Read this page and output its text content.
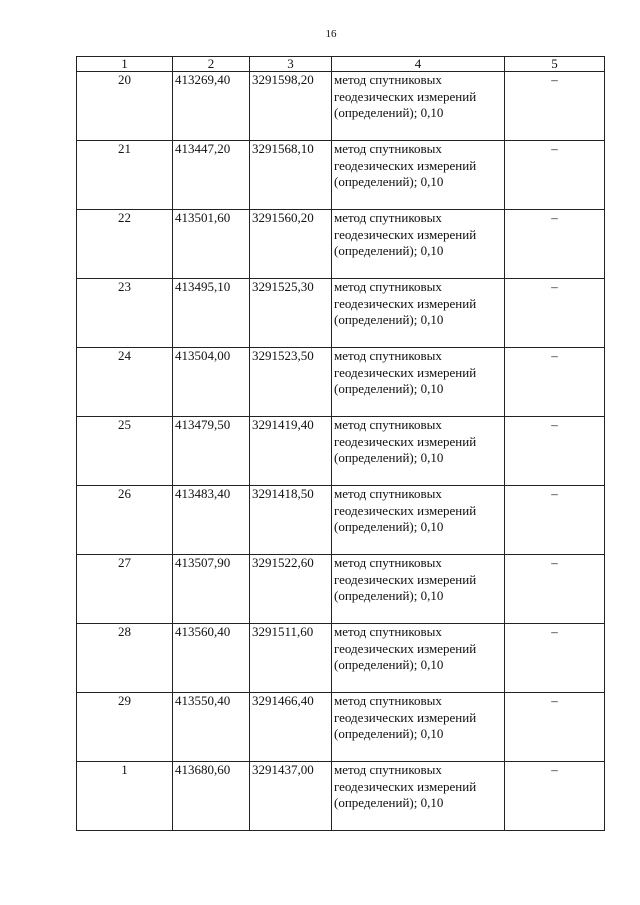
16
1	2	3	4	5
20	413269,40	3291598,20	метод спутниковых геодезических измерений (определений); 0,10	–
21	413447,20	3291568,10	метод спутниковых геодезических измерений (определений); 0,10	–
22	413501,60	3291560,20	метод спутниковых геодезических измерений (определений); 0,10	–
23	413495,10	3291525,30	метод спутниковых геодезических измерений (определений); 0,10	–
24	413504,00	3291523,50	метод спутниковых геодезических измерений (определений); 0,10	–
25	413479,50	3291419,40	метод спутниковых геодезических измерений (определений); 0,10	–
26	413483,40	3291418,50	метод спутниковых геодезических измерений (определений); 0,10	–
27	413507,90	3291522,60	метод спутниковых геодезических измерений (определений); 0,10	–
28	413560,40	3291511,60	метод спутниковых геодезических измерений (определений); 0,10	–
29	413550,40	3291466,40	метод спутниковых геодезических измерений (определений); 0,10	–
1	413680,60	3291437,00	метод спутниковых геодезических измерений (определений); 0,10	–
